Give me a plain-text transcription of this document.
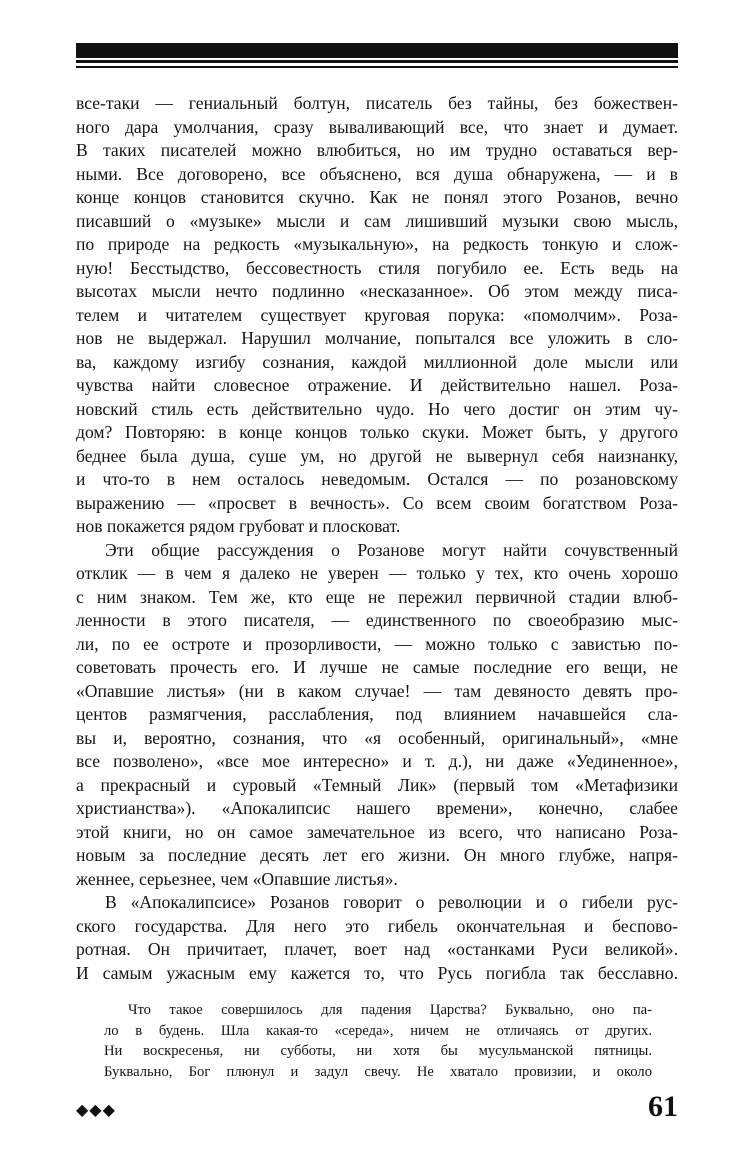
все-таки — гениальный болтун, писатель без тайны, без божествен-
ного дара умолчания, сразу вываливающий все, что знает и думает.
В таких писателей можно влюбиться, но им трудно оставаться вер-
ными. Все договорено, все объяснено, вся душа обнаружена, — и в
конце концов становится скучно. Как не понял этого Розанов, вечно
писавший о «музыке» мысли и сам лишивший музыки свою мысль,
по природе на редкость «музыкальную», на редкость тонкую и слож-
ную! Бесстыдство, бессовестность стиля погубило ее. Есть ведь на
высотах мысли нечто подлинно «несказанное». Об этом между писа-
телем и читателем существует круговая порука: «помолчим». Роза-
нов не выдержал. Нарушил молчание, попытался все уложить в сло-
ва, каждому изгибу сознания, каждой миллионной доле мысли или
чувства найти словесное отражение. И действительно нашел. Роза-
новский стиль есть действительно чудо. Но чего достиг он этим чу-
дом? Повторяю: в конце концов только скуки. Может быть, у другого
беднее была душа, суше ум, но другой не вывернул себя наизнанку,
и что-то в нем осталось неведомым. Остался — по розановскому
выражению — «просвет в вечность». Со всем своим богатством Роза-
нов покажется рядом грубоват и плосковат.
Эти общие рассуждения о Розанове могут найти сочувственный
отклик — в чем я далеко не уверен — только у тех, кто очень хорошо
с ним знаком. Тем же, кто еще не пережил первичной стадии влюб-
ленности в этого писателя, — единственного по своеобразию мыс-
ли, по ее остроте и прозорливости, — можно только с завистью по-
советовать прочесть его. И лучше не самые последние его вещи, не
«Опавшие листья» (ни в каком случае! — там девяносто девять про-
центов размягчения, расслабления, под влиянием начавшейся сла-
вы и, вероятно, сознания, что «я особенный, оригинальный», «мне
все позволено», «все мое интересно» и т. д.), ни даже «Уединенное»,
а прекрасный и суровый «Темный Лик» (первый том «Метафизики
христианства»). «Апокалипсис нашего времени», конечно, слабее
этой книги, но он самое замечательное из всего, что написано Роза-
новым за последние десять лет его жизни. Он много глубже, напря-
женнее, серьезнее, чем «Опавшие листья».
В «Апокалипсисе» Розанов говорит о революции и о гибели рус-
ского государства. Для него это гибель окончательная и беспово-
ротная. Он причитает, плачет, воет над «останками Руси великой».
И самым ужасным ему кажется то, что Русь погибла так бесславно.
Что такое совершилось для падения Царства? Буквально, оно па-
ло в будень. Шла какая-то «середа», ничем не отличаясь от других.
Ни воскресенья, ни субботы, ни хотя бы мусульманской пятницы.
Буквально, Бог плюнул и задул свечу. Не хватало провизии, и около
◆◆◆	61
